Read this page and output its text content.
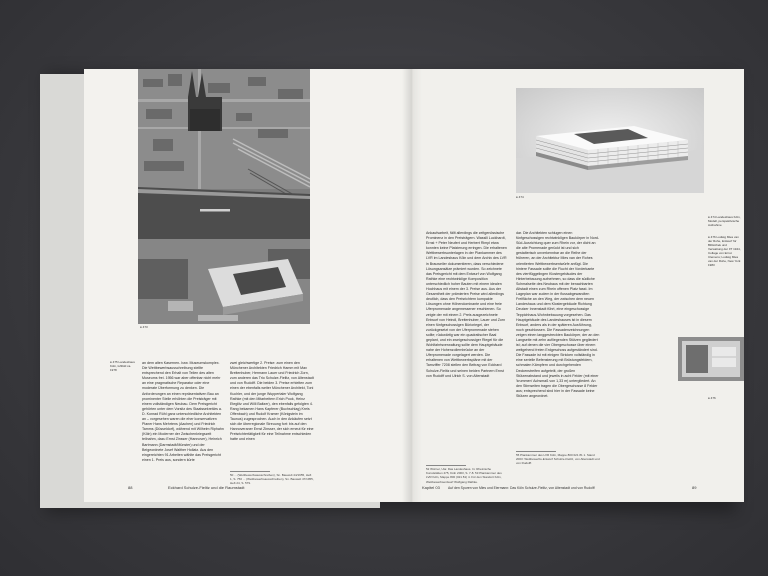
● 473
● 475 Landeshaus Köln, luftbild ca. 1978
an dem alten Kasernen- bzw. Museumskomplex. Die Wettbewerbsausschreibung stellte entsprechend den Erhalt von Teilen des alten Museums frei. 1956 war aber offenbar nicht mehr an eine pragmatische Reparatur oder eine moderate Überformung zu denken. Die Anforderungen an einen repräsentativen Bau an prominenter Stelle erhöhten die Preisträger mit einem vollständigen Neubau. Dem Preisgericht gehörten unter dem Vorsitz des Staatssekretärs a. D. Konrad Rühl ganz unterschiedliche Architekten an – vorgesehen waren die eher konservativen Planer Hans Mehrtens (Aachen) und Friedrich Tamms (Düsseldorf), während mit Wilhelm Riphahn (Köln) ein Moderner der Zwischenkriegszeit teilnahm, dazu Ernst Zinsser (Hannover), Heinrich Bartmann (Darmstadt/Münster) und der Beigeordnete Josef Walther Hollatz. Aus den eingereichten 91 Arbeiten wählte das Preisgericht einen 1. Preis aus, sondern kürte
zwei gleichwertige 2. Preise: zum einen den Münchener Architekten Friedrich Hamm mit Max Breitenhuber, Hermann Lauer und Friedrich Zorn, zum anderen das Trio Schulze-Fielitz, von Altenstadt und von Rudolff. Die beiden 3. Preise erhielten zum einen der ebenfalls weiter Münchener Architekt, Toni Kuchler, und der junge Wuppertaler Wolfgang Rathke (mit den Mitarbeitern Erich Pook, Heinz Eteglitz und Willi Baltzer), den ebenfalls gefolgten 4. Rang bekamen Hans Kapferer (Buchschlag) Kreis Offenbach) und Rudolf Kramer (Königstein im Taunus) zugesprochen. Auch in den Ankäufen setzt sich die überregionale Streuung fort: bis auf den Hannoveraner Ernst Zinsser, der sich erneut für eine Preisrichtertätigkeit für eine Teilnahme entschieden hatte und einen
50 ... (Wettbewerbsausschreiben), Sn. Bauwelt 44/1955, Heft 1, S. 750 ... (Wettbewerbsausschreiben), Sn. Bauwelt 47/1955, Heft 24, S. 579.
88	Eckhard Schulze-Fielitz und die Raumstadt
● 474
● 474 Landeshaus Köln, Modell, perspektivische Aufnahme
● 476 Ludwig Mies van der Rohe, Entwurf für Bibliothek und Verwaltung der IIT 1944, Collage von Ernst Clemens; Ludwig Mies van der Rohe, New York 1983
● 476
Ankaufsarbeit, fällt allerdings die zeitgenössische Prominenz in den Preisträgern. Wassili Luckhardt, Ernst + Peter Neufert und Herbert Rimpl etwa konnten keine Platzierung erringen. Die erhaltenen Wettbewerbsunterlagen in der Plankammer des LVR im Landeshaus Köln und dem Archiv des LVR in Brauweiler dokumentieren, dass verschiedene Lösungsansätze prämiert wurden. So zeichnete das Preisgericht mit dem Entwurf von Wolfgang Rathke eine rechtwinklige Komposition unterschiedlich hoher Bauten mit einem idealen Hochhaus mit einem der 3. Preise aus. Aus der Gesamtheit der prämierten Preise wird allerdings deutlich, dass den Preisrichtern kompakte Lösungen ohne Höhendominante und eine freie Uferpromenade angemessener erschienen. So zeigte der mit einem 2. Preis ausgezeichnete Entwurf von Heindl, Breitenhuber, Lauer und Zorn einen fünfgeschossigen Bürioriegel, der zurückgesetzt von der Uferpromenade stehen sollte; rückwärtig war ein quadratischer Baal geplant, und ein zweigeschossiger Riegel für die Wohlfahrtsverwaltung sollte dem Hauptgebäude nahe der Hohenzollernbrücke an der Uferpromenade vorgelagert werden. Die erhaltenen von Wettbewerbspläne mit der Tarnziffer 7208 stellen den Beitrag von Eckhard Schulze-Fielitz und seinen beiden Partnern Ernst von Rudolff und Ulrich S. von Altenstadt
dar. Die Architekten schlugen einen fünfgeschossigen rechtwinkligen Baukörper in Nord-Süd-Ausrichtung quer zum Rhein vor, der dicht an die alte Promenade gerückt ist und sich gestalterisch unverkennbar an die Reihe der früheren, an der Architektur Mies van der Rohes orientierten Wettbewerbsentwürfe anfügt. Die hintere Fassade sollte die Flucht der Vorderkante des viertfüggelingen Klostergebäudes der Hinterbebauung aufnehmen, so dass die südliche Schmalseite des Neubaus mit der benachbarten Altstadt einen zum Rhein offenen Platz fasst. Im Lageplan war zudem in der flussabgewandten Freifläche an den Weg, der zwischen dem neuen Landeshaus und dem Klostergebäude Richtung Deutzer Innenstadt führt, eine eingeschossige Teppichhaus-Wohnbebauung vorgesehen. Das Hauptgebäude des Landeshauses ist in diesem Entwurf, anders als in der späteren Ausführung, noch geschlossen. Die Fassadenzeichnungen zeigen einen langgestreckten Baukörper, der an den Langseite mit zehn aufliegenden Stützen gegliedert ist; auf denen die vier Obergeschosse über einem weitgehend freien Erdgeschoss aufgeständert sind. Die Fassade ist mit einigen Stricken vollständig in eine serielle Befensterung mit Brüstungsfeldern, schmalen Kämpfern und durchgehenden Deckenstreifen aufgeteilt, der großen Stützenabstand und jeweils in acht Felder (mit einer 'krummen' Achsmaß von 1,33 m) untergliedert. An den Stirnseiten tragen die Obergeschosse 8 Felder aus; entsprechend sind hier in der Fassade keine Stützen angeordnet.
52 Wörner, Uta: Das Landeshaus. In: Rheinische Kunststätten 475, Köln 2003, S. 7-8. 53 Plankammer des LVR Köln, Mappe 800 (021 81) 4. Für den Standort Köln, Wettbewerbsentwurf Wolfgang Rathke.
55 Plankammer des LVR Köln, Mappe 800 021 81 1. Stand 2003: Wettbewerbs-Entwurf Schulze-Fielitz, von Altenstadt und von Rudolff.
Kapitel 03 Auf den Spuren von Mies und Eiermann: Das Köln Schulze-Fielitz, von Altenstadt und von Rudolff	89
